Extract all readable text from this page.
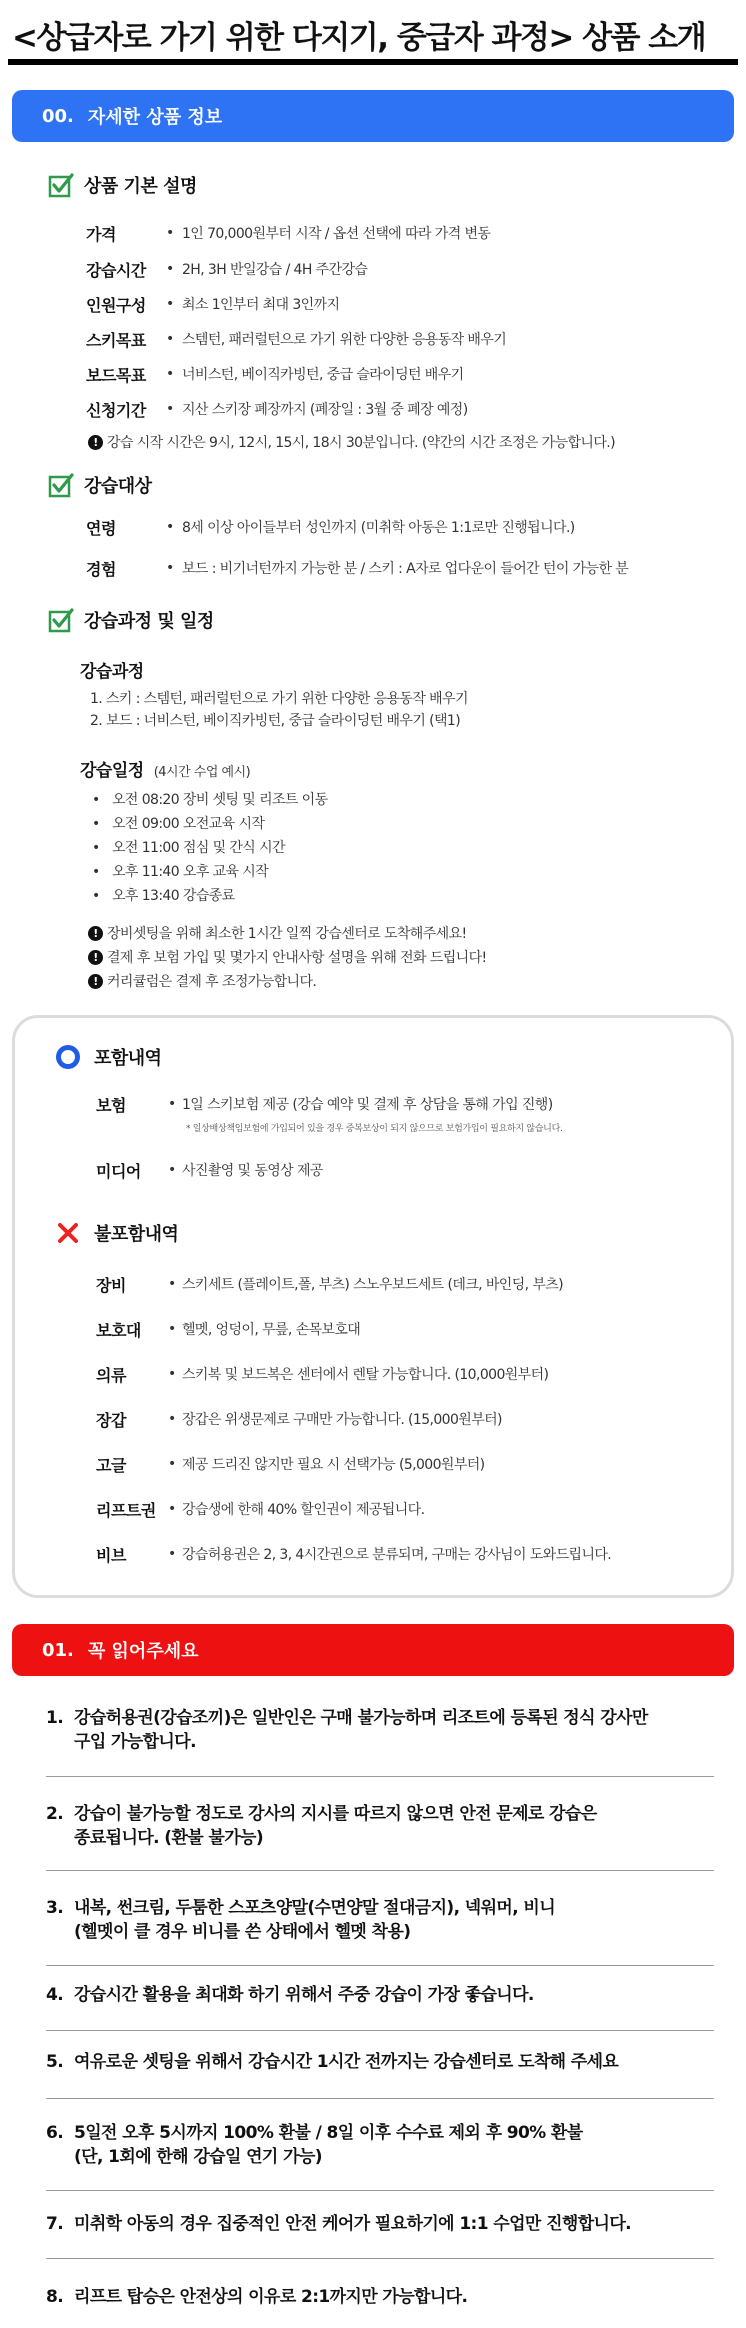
<상급자로 가기 위한 다지기, 중급자 과정> 상품 소개
00. 자세한 상품 정보
상품 기본 설명
가격	• 1인 70,000원부터 시작 / 옵션 선택에 따라 가격 변동
강습시간	• 2H, 3H 반일강습 / 4H 주간강습
인원구성	• 최소 1인부터 최대 3인까지
스키목표	• 스템턴, 패러럴턴으로 가기 위한 다양한 응용동작 배우기
보드목표	• 너비스턴, 베이직카빙턴, 중급 슬라이딩턴 배우기
신청기간	• 지산 스키장 폐장까지 (폐장일 : 3월 중 폐장 예정)
! 강습 시작 시간은 9시, 12시, 15시, 18시 30분입니다. (약간의 시간 조정은 가능합니다.)
강습대상
연령	• 8세 이상 아이들부터 성인까지 (미취학 아동은 1:1로만 진행됩니다.)
경험	• 보드 : 비기너턴까지 가능한 분 / 스키 : A자로 업다운이 들어간 턴이 가능한 분
강습과정 및 일정
강습과정
1. 스키 : 스템턴, 패러럴턴으로 가기 위한 다양한 응용동작 배우기
2. 보드 : 너비스턴, 베이직카빙턴, 중급 슬라이딩턴 배우기 (택1)
강습일정 (4시간 수업 예시)
• 오전 08:20 장비 셋팅 및 리조트 이동
• 오전 09:00 오전교육 시작
• 오전 11:00 점심 및 간식 시간
• 오후 11:40 오후 교육 시작
• 오후 13:40 강습종료
! 장비셋팅을 위해 최소한 1시간 일찍 강습센터로 도착해주세요!
! 결제 후 보험 가입 및 몇가지 안내사항 설명을 위해 전화 드립니다!
! 커리큘럼은 결제 후 조정가능합니다.
포함내역
보험	• 1일 스키보험 제공 (강습 예약 및 결제 후 상담을 통해 가입 진행)
* 일상배상책임보험에 가입되어 있을 경우 중복보상이 되지 않으므로 보험가입이 필요하지 않습니다.
미디어	• 사진촬영 및 동영상 제공
불포함내역
장비	• 스키세트 (플레이트,폴, 부츠) 스노우보드세트 (데크, 바인딩, 부츠)
보호대	• 헬멧, 엉덩이, 무릎, 손목보호대
의류	• 스키복 및 보드복은 센터에서 렌탈 가능합니다. (10,000원부터)
장갑	• 장갑은 위생문제로 구매만 가능합니다. (15,000원부터)
고글	• 제공 드리진 않지만 필요 시 선택가능 (5,000원부터)
리프트권 • 강습생에 한해 40% 할인권이 제공됩니다.
비브	• 강습허용권은 2, 3, 4시간권으로 분류되며, 구매는 강사님이 도와드립니다.
01. 꼭 읽어주세요
1. 강습허용권(강습조끼)은 일반인은 구매 불가능하며 리조트에 등록된 정식 강사만
구입 가능합니다.
2. 강습이 불가능할 정도로 강사의 지시를 따르지 않으면 안전 문제로 강습은
종료됩니다. (환불 불가능)
3. 내복, 썬크림, 두툼한 스포츠양말(수면양말 절대금지), 넥워머, 비니
(헬멧이 클 경우 비니를 쓴 상태에서 헬멧 착용)
4. 강습시간 활용을 최대화 하기 위해서 주중 강습이 가장 좋습니다.
5. 여유로운 셋팅을 위해서 강습시간 1시간 전까지는 강습센터로 도착해 주세요
6. 5일전 오후 5시까지 100% 환불 / 8일 이후 수수료 제외 후 90% 환불
(단, 1회에 한해 강습일 연기 가능)
7. 미취학 아동의 경우 집중적인 안전 케어가 필요하기에 1:1 수업만 진행합니다.
8. 리프트 탑승은 안전상의 이유로 2:1까지만 가능합니다.
